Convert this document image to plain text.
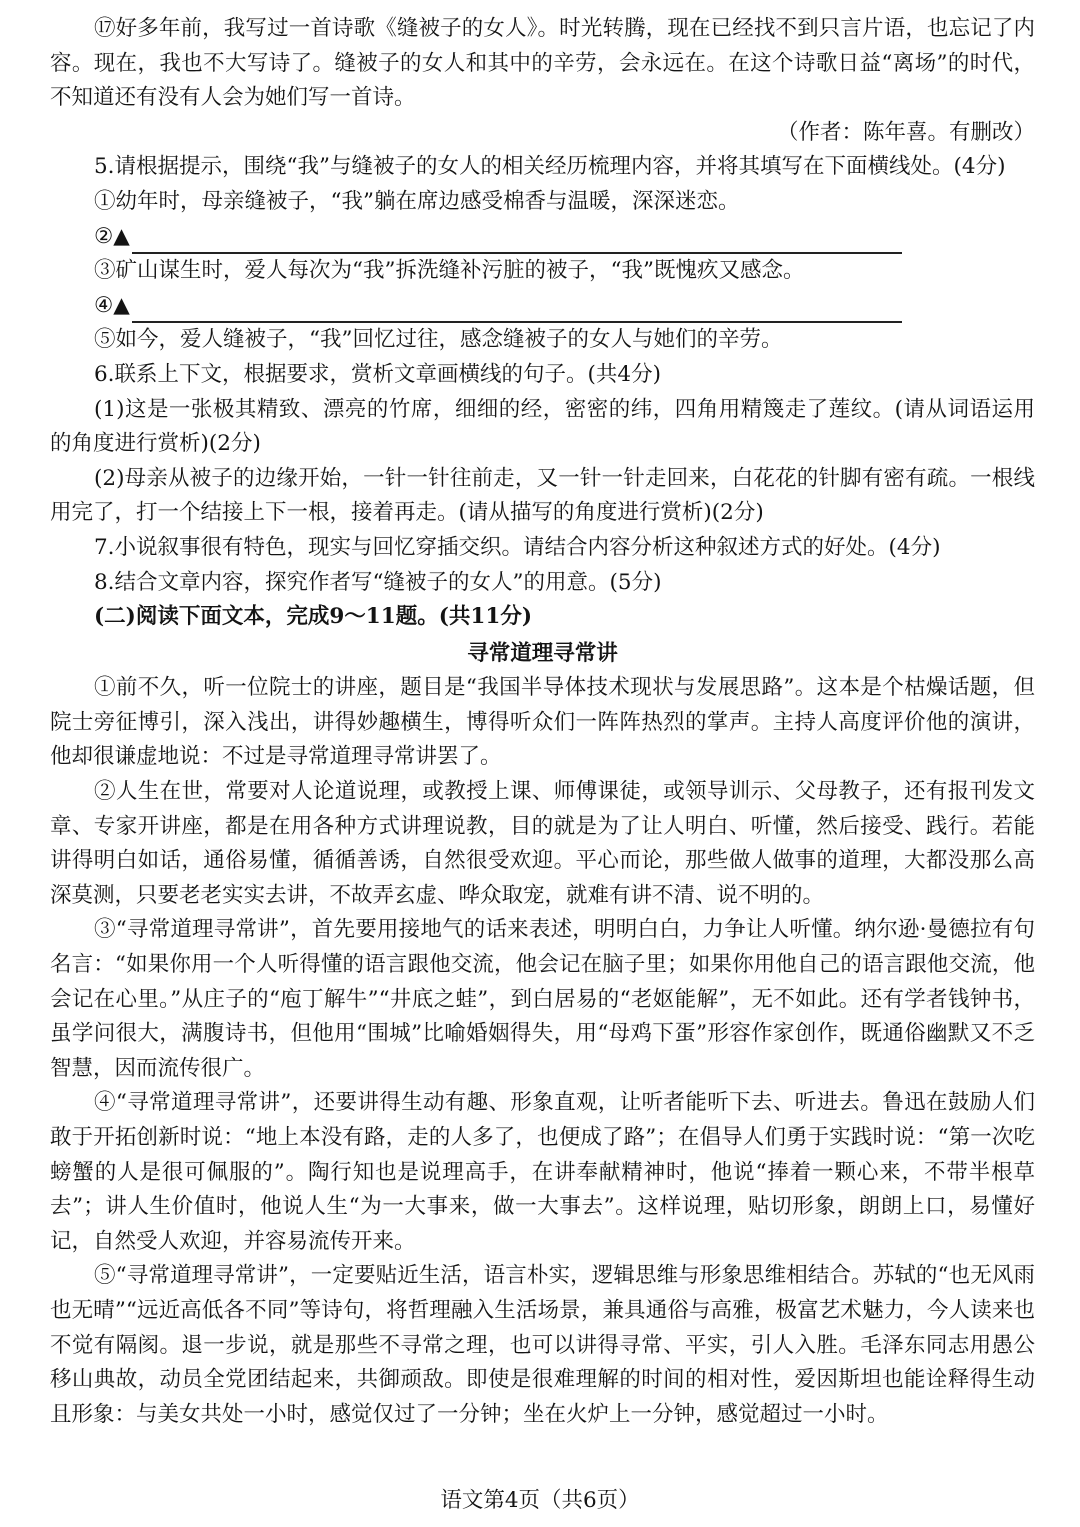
⑰好多年前，我写过一首诗歌《缝被子的女人》。时光转腾，现在已经找不到只言片语，也忘记了内容。现在，我也不大写诗了。缝被子的女人和其中的辛劳，会永远在。在这个诗歌日益“离场”的时代，不知道还有没有人会为她们写一首诗。

（作者：陈年喜。有删改）

5.请根据提示，围绕“我”与缝被子的女人的相关经历梳理内容，并将其填写在下面横线处。(4分)

①幼年时，母亲缝被子，“我”躺在席边感受棉香与温暖，深深迷恋。

②▲

③矿山谋生时，爱人每次为“我”拆洗缝补污脏的被子，“我”既愧疚又感念。

④▲

⑤如今，爱人缝被子，“我”回忆过往，感念缝被子的女人与她们的辛劳。

6.联系上下文，根据要求，赏析文章画横线的句子。(共4分)

(1)这是一张极其精致、漂亮的竹席，细细的经，密密的纬，四角用精篾走了莲纹。(请从词语运用的角度进行赏析)(2分)

(2)母亲从被子的边缘开始，一针一针往前走，又一针一针走回来，白花花的针脚有密有疏。一根线用完了，打一个结接上下一根，接着再走。(请从描写的角度进行赏析)(2分)

7.小说叙事很有特色，现实与回忆穿插交织。请结合内容分析这种叙述方式的好处。(4分)

8.结合文章内容，探究作者写“缝被子的女人”的用意。(5分)

(二)阅读下面文本，完成9～11题。(共11分)

寻常道理寻常讲

①前不久，听一位院士的讲座，题目是“我国半导体技术现状与发展思路”。这本是个枯燥话题，但院士旁征博引，深入浅出，讲得妙趣横生，博得听众们一阵阵热烈的掌声。主持人高度评价他的演讲，他却很谦虚地说：不过是寻常道理寻常讲罢了。

②人生在世，常要对人论道说理，或教授上课、师傅课徒，或领导训示、父母教子，还有报刊发文章、专家开讲座，都是在用各种方式讲理说教，目的就是为了让人明白、听懂，然后接受、践行。若能讲得明白如话，通俗易懂，循循善诱，自然很受欢迎。平心而论，那些做人做事的道理，大都没那么高深莫测，只要老老实实去讲，不故弄玄虚、哗众取宠，就难有讲不清、说不明的。

③“寻常道理寻常讲”，首先要用接地气的话来表述，明明白白，力争让人听懂。纳尔逊·曼德拉有句名言：“如果你用一个人听得懂的语言跟他交流，他会记在脑子里；如果你用他自己的语言跟他交流，他会记在心里。”从庄子的“庖丁解牛”“井底之蛙”，到白居易的“老妪能解”，无不如此。还有学者钱钟书，虽学问很大，满腹诗书，但他用“围城”比喻婚姻得失，用“母鸡下蛋”形容作家创作，既通俗幽默又不乏智慧，因而流传很广。

④“寻常道理寻常讲”，还要讲得生动有趣、形象直观，让听者能听下去、听进去。鲁迅在鼓励人们敢于开拓创新时说：“地上本没有路，走的人多了，也便成了路”；在倡导人们勇于实践时说：“第一次吃螃蟹的人是很可佩服的”。陶行知也是说理高手，在讲奉献精神时，他说“捧着一颗心来，不带半根草去”；讲人生价值时，他说人生“为一大事来，做一大事去”。这样说理，贴切形象，朗朗上口，易懂好记，自然受人欢迎，并容易流传开来。

⑤“寻常道理寻常讲”，一定要贴近生活，语言朴实，逻辑思维与形象思维相结合。苏轼的“也无风雨也无晴”“远近高低各不同”等诗句，将哲理融入生活场景，兼具通俗与高雅，极富艺术魅力，今人读来也不觉有隔阂。退一步说，就是那些不寻常之理，也可以讲得寻常、平实，引人入胜。毛泽东同志用愚公移山典故，动员全党团结起来，共御顽敌。即使是很难理解的时间的相对性，爱因斯坦也能诠释得生动且形象：与美女共处一小时，感觉仅过了一分钟；坐在火炉上一分钟，感觉超过一小时。

语文第4页（共6页）
